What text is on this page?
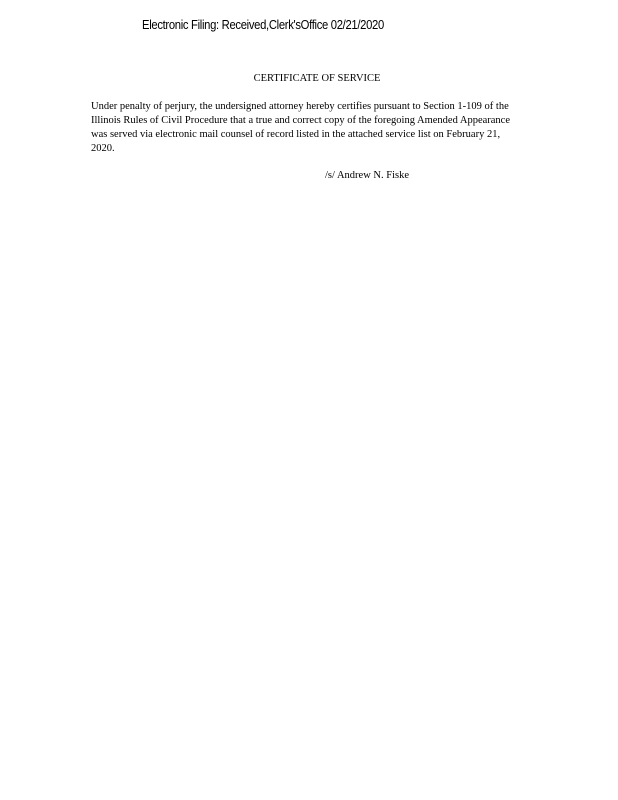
Electronic Filing: Received,Clerk'sOffice 02/21/2020
CERTIFICATE OF SERVICE
Under penalty of perjury, the undersigned attorney hereby certifies pursuant to Section 1-109 of the
Illinois Rules of Civil Procedure that a true and correct copy of the foregoing Amended Appearance
was served via electronic mail counsel of record listed in the attached service list on February 21,
2020.
/s/ Andrew N. Fiske
